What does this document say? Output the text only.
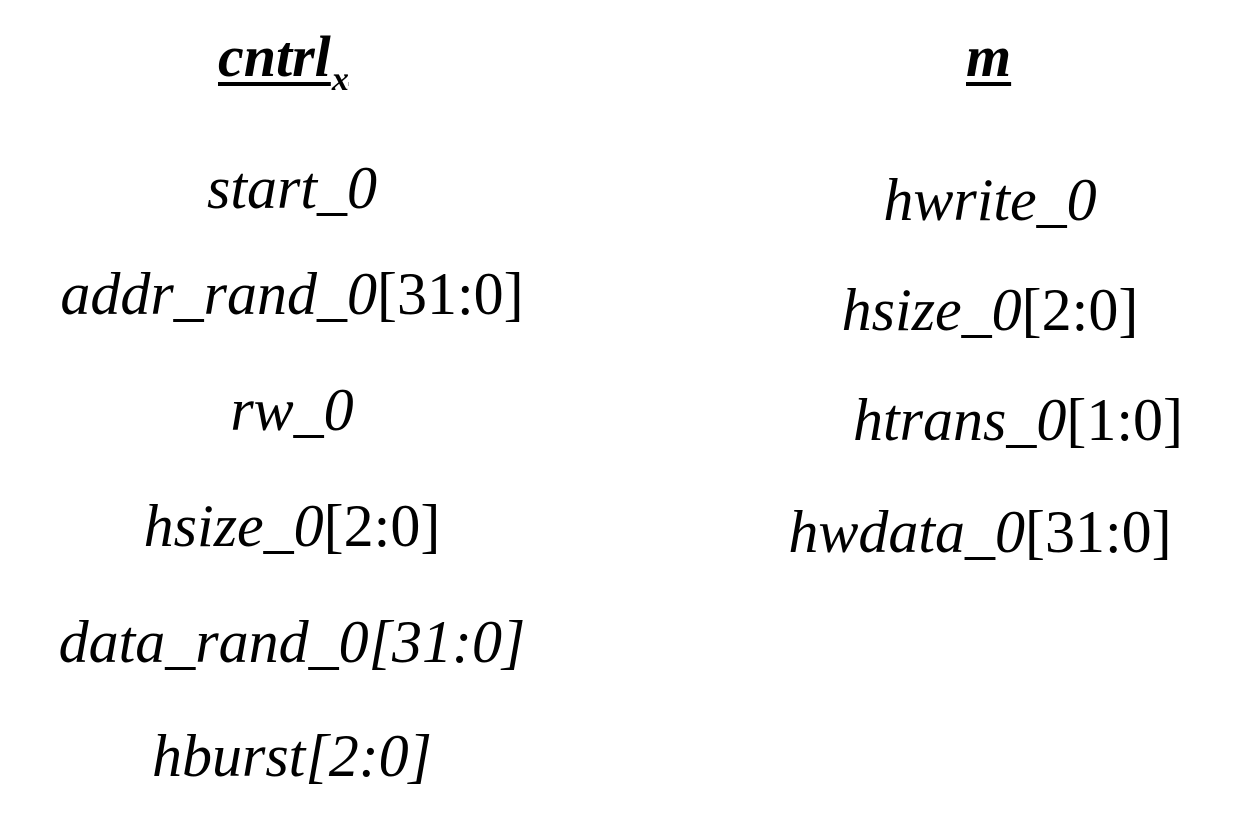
cntrl$_x$	m
start_0
addr_rand_0[31:0]
rw_0
hsize_0[2:0]
data_rand_0[31:0]
hburst[2:0]
hwrite_0
hsize_0[2:0]
htrans_0[1:0]
hwdata_0[31:0]
